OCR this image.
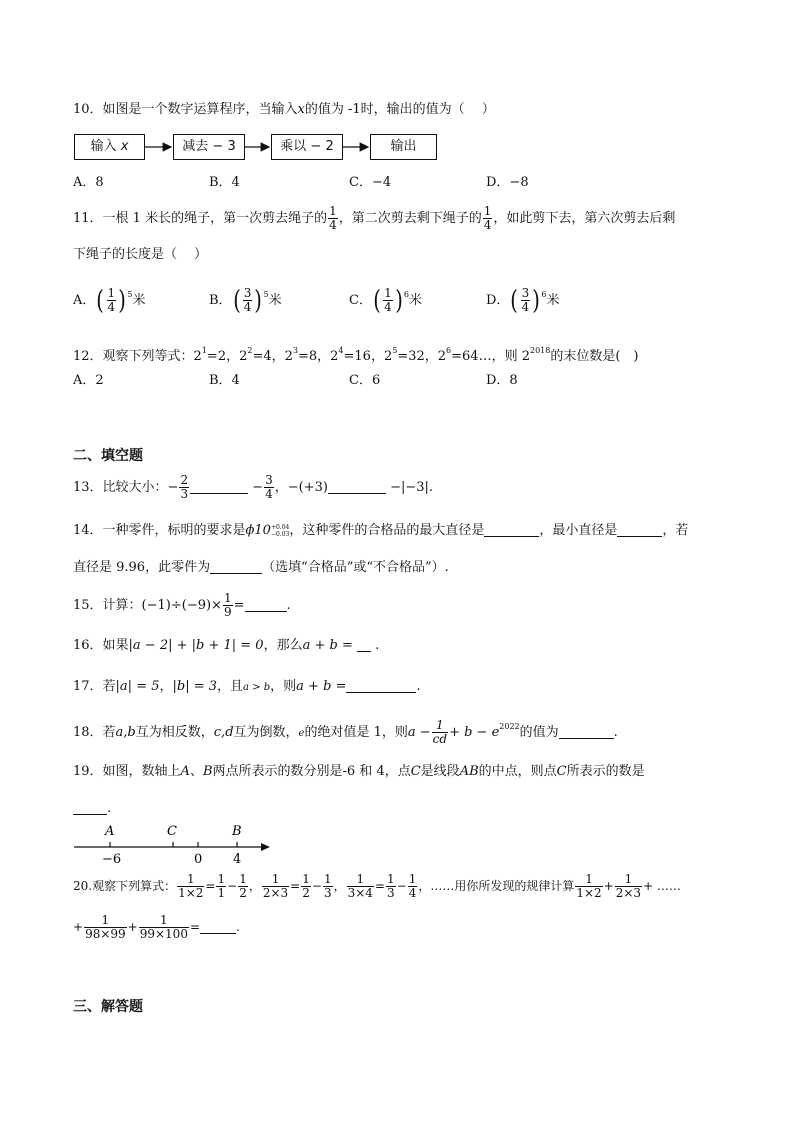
10．如图是一个数字运算程序，当输入x的值为 -1时，输出的值为（　 ）
输入 x	减去 − 3	乘以 − 2	输出
A．8	B．4	C．−4	D．−8
11．一根 1 米长的绳子，第一次剪去绳子的 $\frac{1}{4}$ ，第二次剪去剩下绳子的 $\frac{1}{4}$ ，如此剪下去，第六次剪去后剩
下绳子的长度是（　 ）
A．( $\frac{1}{4} )^5$米	B．( $\frac{3}{4} )^5$米	C．( $\frac{1}{4} )^6$米	D．( $\frac{3}{4} )^6$米
12．观察下列等式：$2^1=2$，$2^2=4$，$2^3=8$，$2^4=16$，$2^5=32$，$2^6=64\dots$，则 $2^{2018}$的末位数是(　)
A．2	B．4	C．6	D．8
二、填空题
13．比较大小：− $\frac{2}{3}$	− $\frac{3}{4}$ ，−(+3)	−|−3|.
14．一种零件，标明的要求是ϕ10 +0.04
−0.03 ，这种零件的合格品的最大直径是	，最小直径是	，若
直径是 9.96，此零件为	（选填“合格品”或“不合格品”）.
15．计算：$(-1)\div(-9)\times \frac{1}{9}$ =	.
16．如果|a − 2| + |b + 1| = 0，那么a + b = .
17．若|a| = 5，|b| = 3，且a > b，则a + b =	.
18．若a,b互为相反数，c,d互为倒数，e的绝对值是 1，则$a - \frac{1}{cd} + b - e^{2022}$的值为	.
19．如图，数轴上A、B两点所表示的数分别是-6 和 4，点C是线段AB的中点，则点C所表示的数是
.
A	C	B
−6	0 4
20.观察下列算式： $\frac{1}{1\times 2} = \frac{1}{1} - \frac{1}{2}$ ， $\frac{1}{2\times 3} = \frac{1}{2} - \frac{1}{3}$ ， $\frac{1}{3\times 4} = \frac{1}{3} - \frac{1}{4}$ ，……用你所发现的规律计算 $\frac{1}{1\times 2} + \frac{1}{2\times 3}$ + ……
+ $\frac{1}{98\times 99} + \frac{1}{99\times 100}$ =	.
三、解答题
